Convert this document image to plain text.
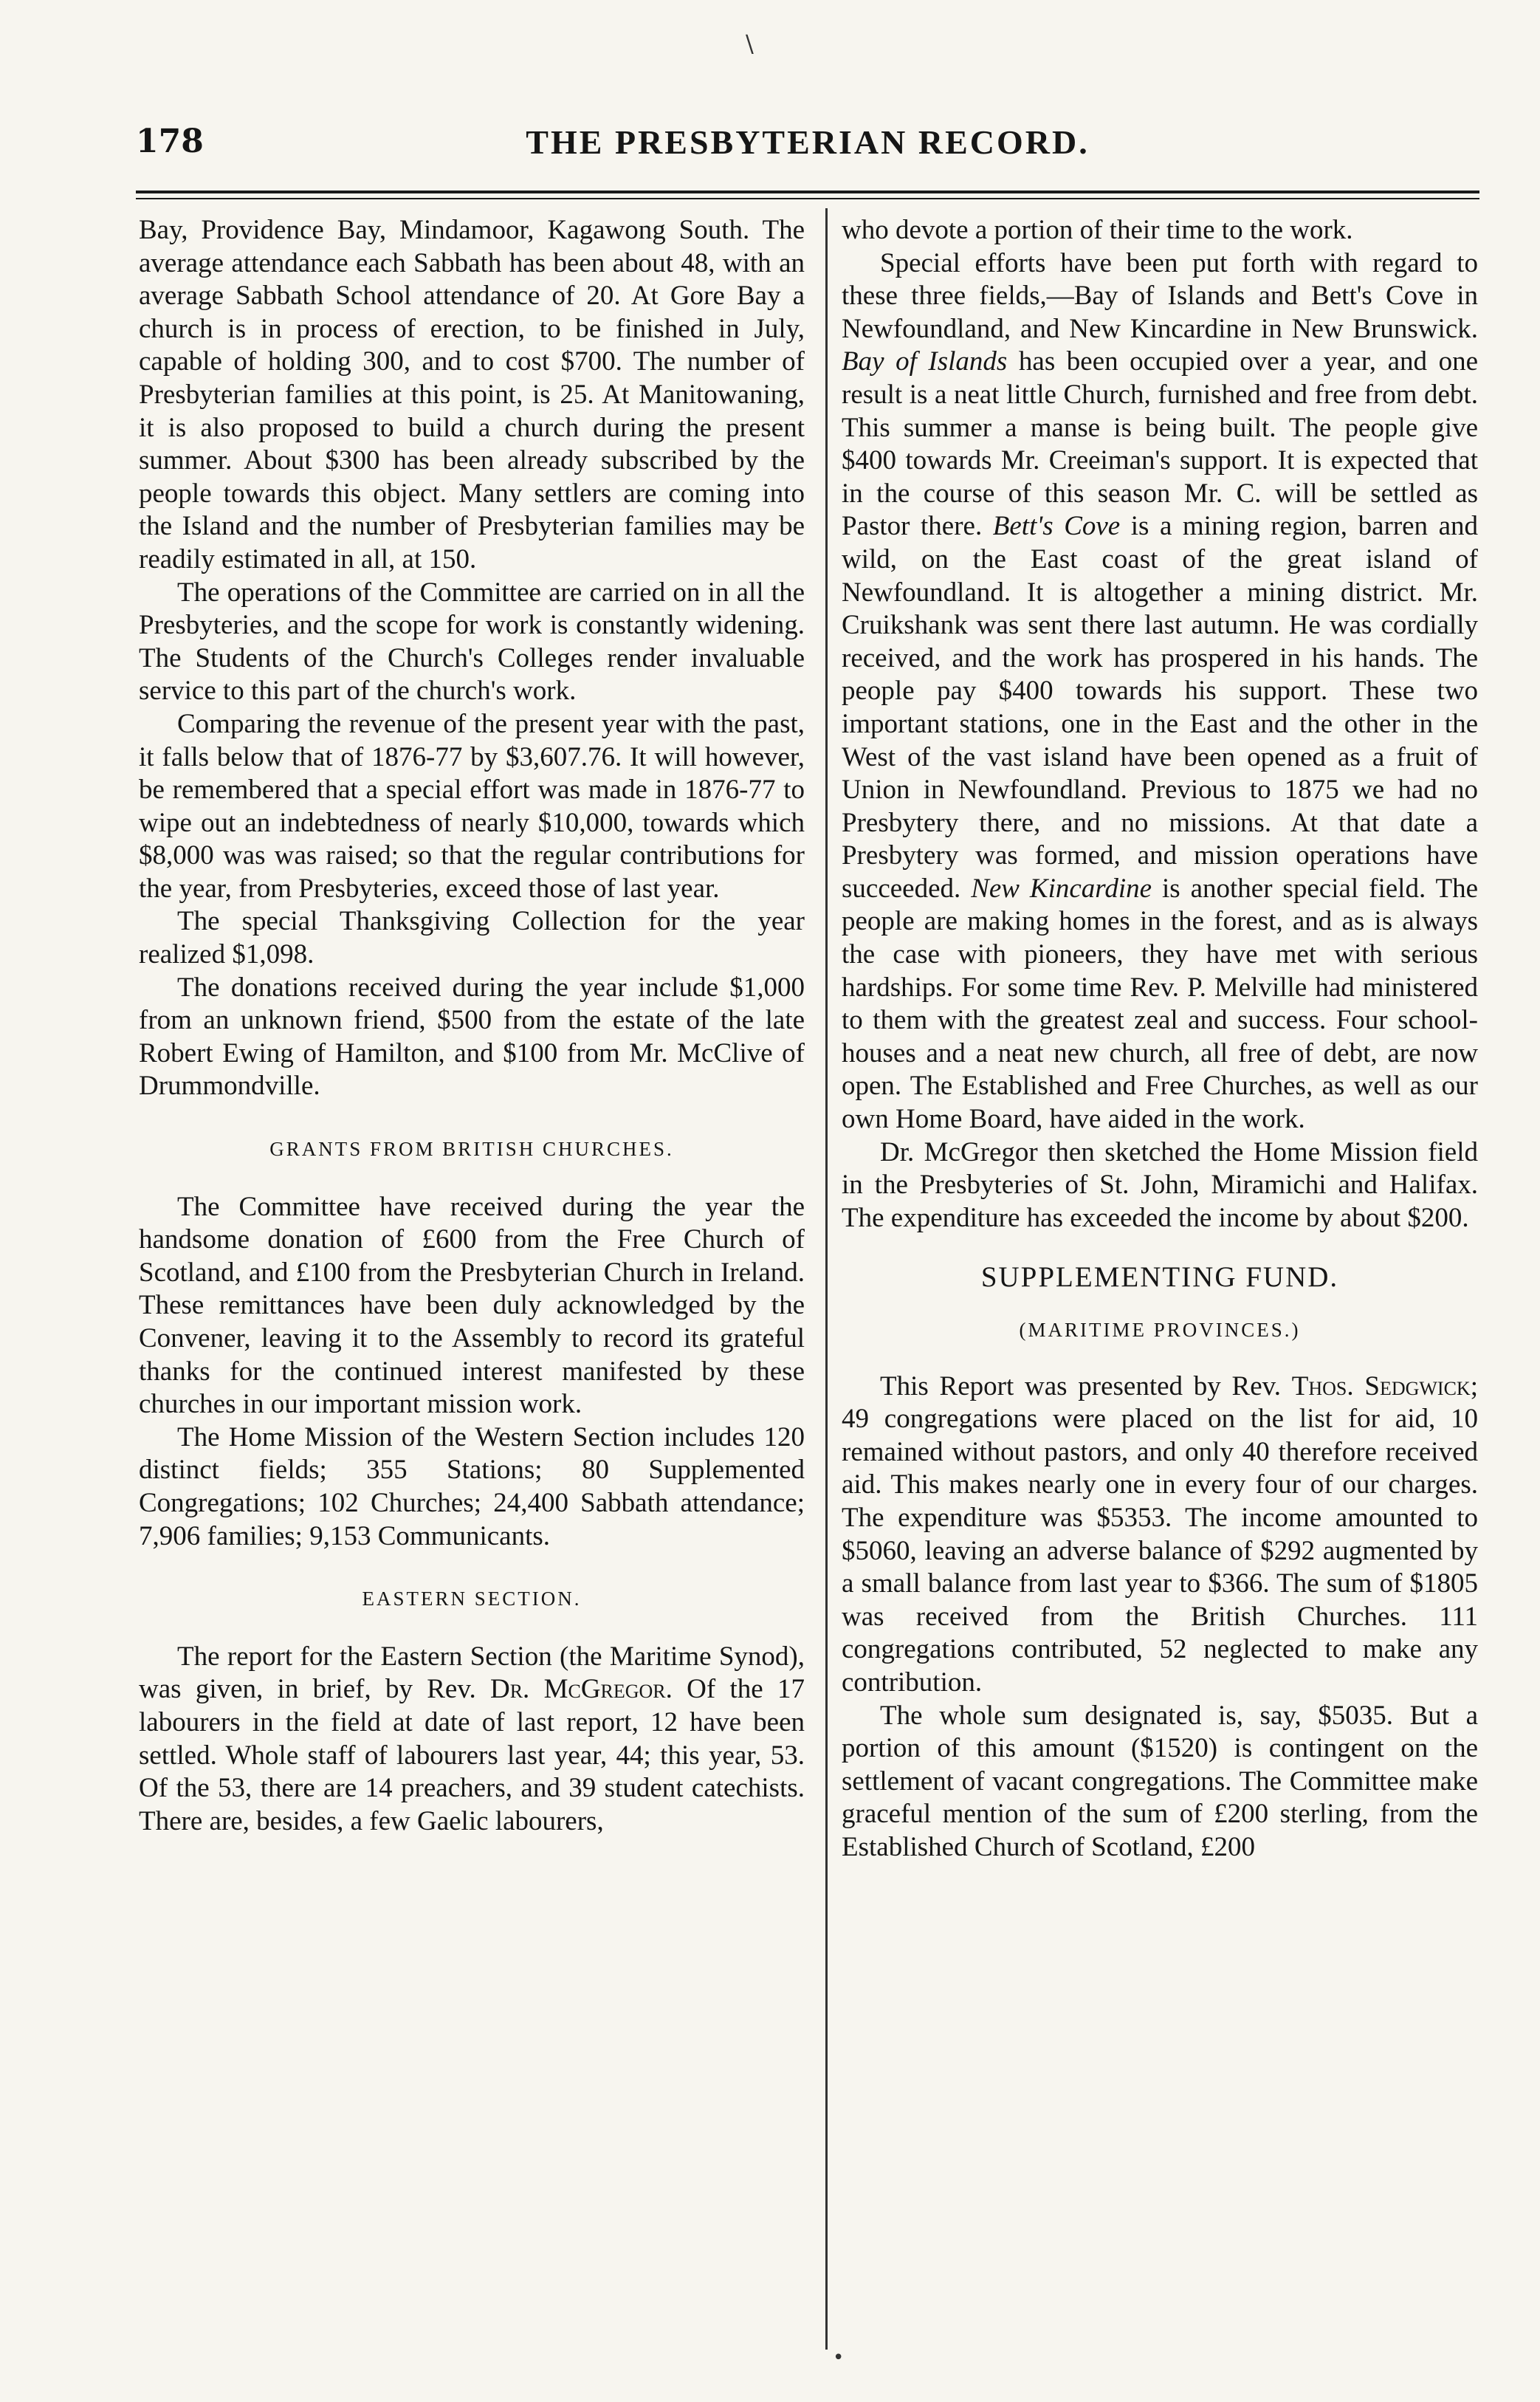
\
178	THE PRESBYTERIAN RECORD.

Bay, Providence Bay, Mindamoor, Kagawong South. The average attendance each Sabbath has been about 48, with an average Sabbath School attendance of 20. At Gore Bay a church is in process of erection, to be finished in July, capable of holding 300, and to cost $700. The number of Presbyterian families at this point, is 25. At Manitowaning, it is also proposed to build a church during the present summer. About $300 has been already subscribed by the people towards this object. Many settlers are coming into the Island and the number of Presbyterian families may be readily estimated in all, at 150.

The operations of the Committee are carried on in all the Presbyteries, and the scope for work is constantly widening. The Students of the Church's Colleges render invaluable service to this part of the church's work.

Comparing the revenue of the present year with the past, it falls below that of 1876-77 by $3,607.76. It will however, be remembered that a special effort was made in 1876-77 to wipe out an indebtedness of nearly $10,000, towards which $8,000 was was raised; so that the regular contributions for the year, from Presbyteries, exceed those of last year.

The special Thanksgiving Collection for the year realized $1,098.

The donations received during the year include $1,000 from an unknown friend, $500 from the estate of the late Robert Ewing of Hamilton, and $100 from Mr. McClive of Drummondville.

GRANTS FROM BRITISH CHURCHES.

The Committee have received during the year the handsome donation of £600 from the Free Church of Scotland, and £100 from the Presbyterian Church in Ireland. These remittances have been duly acknowledged by the Convener, leaving it to the Assembly to record its grateful thanks for the continued interest manifested by these churches in our important mission work.

The Home Mission of the Western Section includes 120 distinct fields; 355 Stations; 80 Supplemented Congregations; 102 Churches; 24,400 Sabbath attendance; 7,906 families; 9,153 Communicants.

EASTERN SECTION.

The report for the Eastern Section (the Maritime Synod), was given, in brief, by Rev. Dr. McGregor. Of the 17 labourers in the field at date of last report, 12 have been settled. Whole staff of labourers last year, 44; this year, 53. Of the 53, there are 14 preachers, and 39 student catechists. There are, besides, a few Gaelic labourers,

who devote a portion of their time to the work.

Special efforts have been put forth with regard to these three fields,—Bay of Islands and Bett's Cove in Newfoundland, and New Kincardine in New Brunswick. Bay of Islands has been occupied over a year, and one result is a neat little Church, furnished and free from debt. This summer a manse is being built. The people give $400 towards Mr. Creeiman's support. It is expected that in the course of this season Mr. C. will be settled as Pastor there. Bett's Cove is a mining region, barren and wild, on the East coast of the great island of Newfoundland. It is altogether a mining district. Mr. Cruikshank was sent there last autumn. He was cordially received, and the work has prospered in his hands. The people pay $400 towards his support. These two important stations, one in the East and the other in the West of the vast island have been opened as a fruit of Union in Newfoundland. Previous to 1875 we had no Presbytery there, and no missions. At that date a Presbytery was formed, and mission operations have succeeded. New Kincardine is another special field. The people are making homes in the forest, and as is always the case with pioneers, they have met with serious hardships. For some time Rev. P. Melville had ministered to them with the greatest zeal and success. Four school-houses and a neat new church, all free of debt, are now open. The Established and Free Churches, as well as our own Home Board, have aided in the work.

Dr. McGregor then sketched the Home Mission field in the Presbyteries of St. John, Miramichi and Halifax. The expenditure has exceeded the income by about $200.

SUPPLEMENTING FUND.
(MARITIME PROVINCES.)

This Report was presented by Rev. Thos. Sedgwick; 49 congregations were placed on the list for aid, 10 remained without pastors, and only 40 therefore received aid. This makes nearly one in every four of our charges. The expenditure was $5353. The income amounted to $5060, leaving an adverse balance of $292 augmented by a small balance from last year to $366. The sum of $1805 was received from the British Churches. 111 congregations contributed, 52 neglected to make any contribution.

The whole sum designated is, say, $5035. But a portion of this amount ($1520) is contingent on the settlement of vacant congregations. The Committee make graceful mention of the sum of £200 sterling, from the Established Church of Scotland, £200

•
